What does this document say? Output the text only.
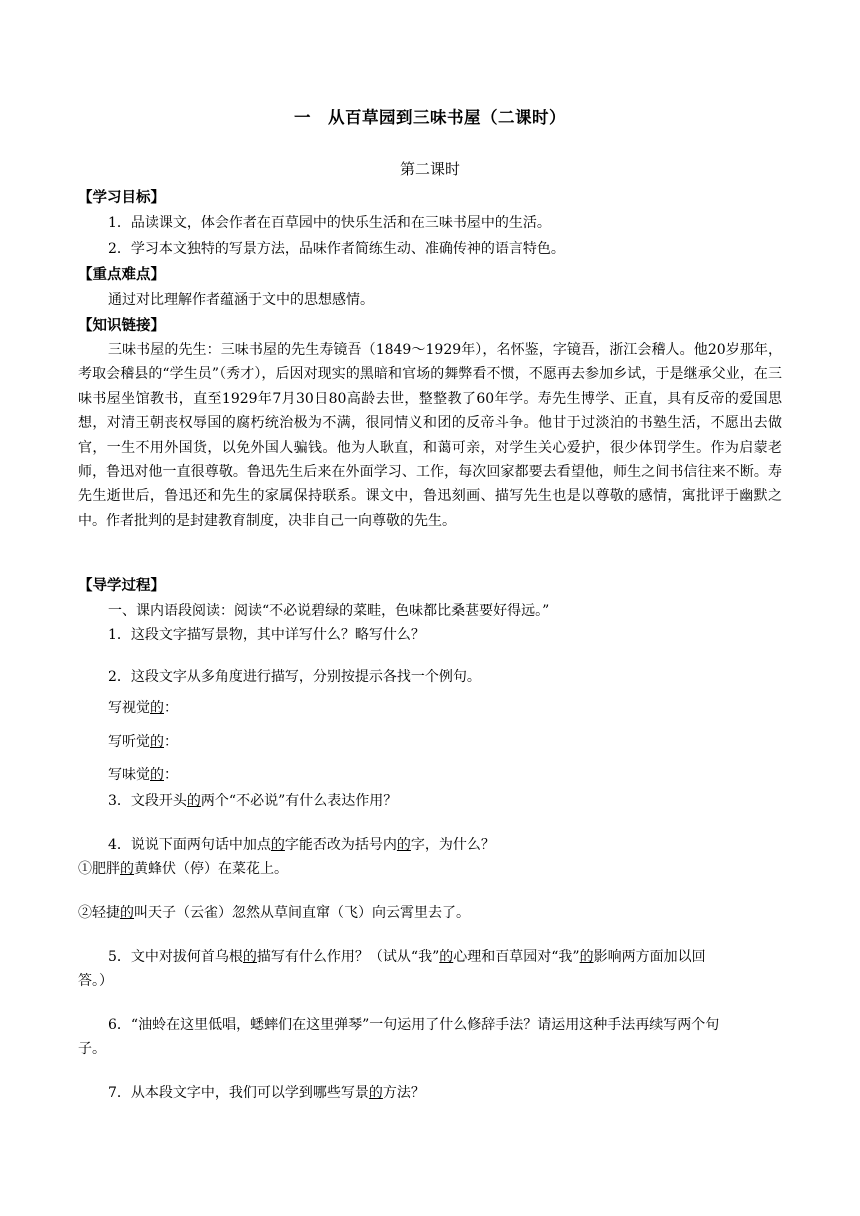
一　从百草园到三味书屋（二课时）
第二课时
【学习目标】
1．品读课文，体会作者在百草园中的快乐生活和在三味书屋中的生活。
2．学习本文独特的写景方法，品味作者简练生动、准确传神的语言特色。
【重点难点】
通过对比理解作者蕴涵于文中的思想感情。
【知识链接】
三味书屋的先生：三味书屋的先生寿镜吾（1849～1929年），名怀鉴，字镜吾，浙江会稽人。他20岁那年，考取会稽县的“学生员”（秀才），后因对现实的黑暗和官场的舞弊看不惯，不愿再去参加乡试，于是继承父业，在三味书屋坐馆教书，直至1929年7月30日80高龄去世，整整教了60年学。寿先生博学、正直，具有反帝的爱国思想，对清王朝丧权辱国的腐朽统治极为不满，很同情义和团的反帝斗争。他甘于过淡泊的书塾生活，不愿出去做官，一生不用外国货，以免外国人骗钱。他为人耿直，和蔼可亲，对学生关心爱护，很少体罚学生。作为启蒙老师，鲁迅对他一直很尊敬。鲁迅先生后来在外面学习、工作，每次回家都要去看望他，师生之间书信往来不断。寿先生逝世后，鲁迅还和先生的家属保持联系。课文中，鲁迅刻画、描写先生也是以尊敬的感情，寓批评于幽默之中。作者批判的是封建教育制度，决非自己一向尊敬的先生。
【导学过程】
一、课内语段阅读：阅读“不必说碧绿的菜畦，色味都比桑葚要好得远。”
1．这段文字描写景物，其中详写什么？略写什么？
2．这段文字从多角度进行描写，分别按提示各找一个例句。
写视觉的：
写听觉的：
写味觉的：
3．文段开头的两个“不必说”有什么表达作用？
4．说说下面两句话中加点的字能否改为括号内的字，为什么？
①肥胖的黄蜂伏（停）在菜花上。
②轻捷的叫天子（云雀）忽然从草间直窜（飞）向云霄里去了。
5．文中对拔何首乌根的描写有什么作用？（试从“我”的心理和百草园对“我”的影响两方面加以回
答。）
6．“油蛉在这里低唱，蟋蟀们在这里弹琴”一句运用了什么修辞手法？请运用这种手法再续写两个句
子。
7．从本段文字中，我们可以学到哪些写景的方法？
